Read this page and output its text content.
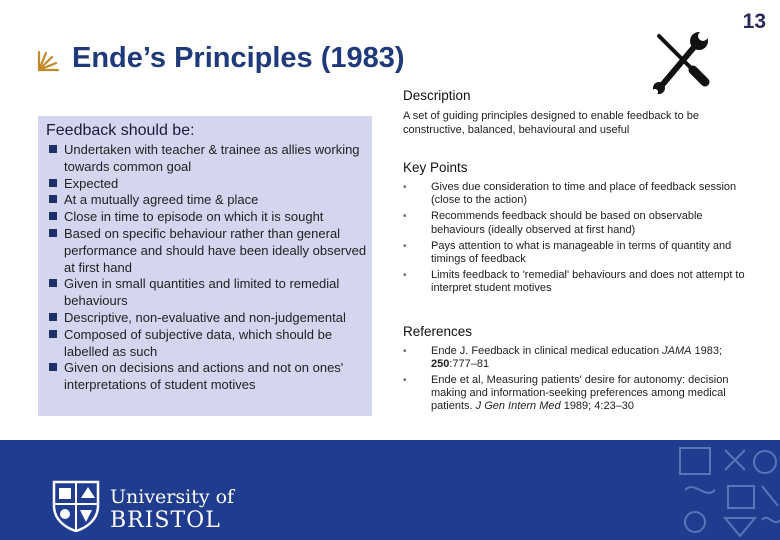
13
Ende’s Principles (1983)
Feedback should be:
Undertaken with teacher & trainee as allies working towards common goal
Expected
At a mutually agreed time & place
Close in time to episode on which it is sought
Based on specific behaviour rather than general performance and should have been ideally observed at first hand
Given in small quantities and limited to remedial behaviours
Descriptive, non-evaluative and non-judgemental
Composed of subjective data, which should be labelled as such
Given on decisions and actions and not on ones' interpretations of student motives
Description
A set of guiding principles designed to enable feedback to be constructive, balanced, behavioural and useful
Key Points
•	Gives due consideration to time and place of feedback session (close to the action)
•	Recommends feedback should be based on observable behaviours (ideally observed at first hand)
•	Pays attention to what is manageable in terms of quantity and timings of feedback
•	Limits feedback to 'remedial' behaviours and does not attempt to interpret student motives
References
•	Ende J. Feedback in clinical medical education JAMA 1983; 250:777–81
•	Ende et al, Measuring patients' desire for autonomy: decision making and information-seeking preferences among medical patients. J Gen Intern Med 1989; 4:23–30
University of
BRISTOL
